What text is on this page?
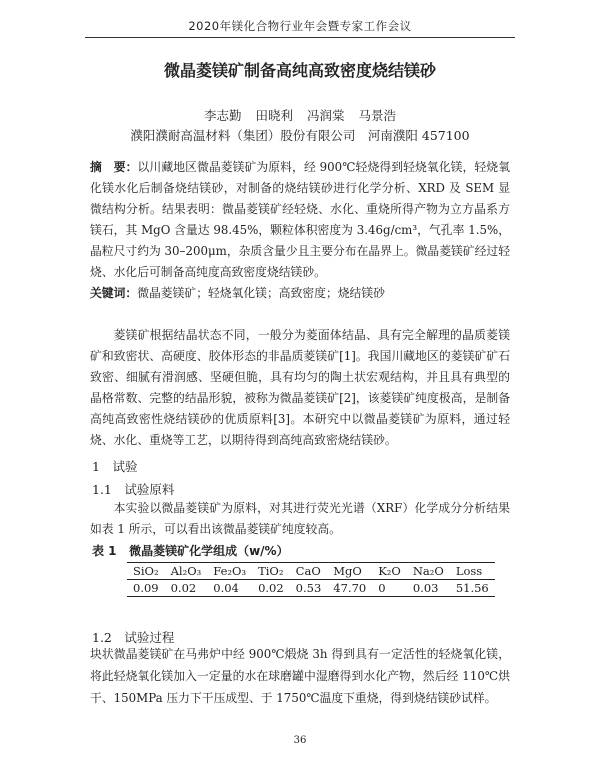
2020年镁化合物行业年会暨专家工作会议
微晶菱镁矿制备高纯高致密度烧结镁砂
李志勤 田晓利 冯润棠 马景浩
濮阳濮耐高温材料（集团）股份有限公司　河南濮阳 457100
摘　要：以川藏地区微晶菱镁矿为原料，经 900℃轻烧得到轻烧氧化镁，轻烧氧化镁水化后制备烧结镁砂，对制备的烧结镁砂进行化学分析、XRD 及 SEM 显微结构分析。结果表明：微晶菱镁矿经轻烧、水化、重烧所得产物为立方晶系方镁石，其 MgO 含量达 98.45%，颗粒体积密度为 3.46g/cm³，气孔率 1.5%，晶粒尺寸约为 30–200μm，杂质含量少且主要分布在晶界上。微晶菱镁矿经过轻烧、水化后可制备高纯度高致密度烧结镁砂。
关键词：微晶菱镁矿；轻烧氧化镁；高致密度；烧结镁砂
菱镁矿根据结晶状态不同，一般分为菱面体结晶、具有完全解理的晶质菱镁矿和致密状、高硬度、胶体形态的非晶质菱镁矿[1]。我国川藏地区的菱镁矿矿石致密、细腻有滑润感、坚硬但脆，具有均匀的陶土状宏观结构，并且具有典型的晶格常数、完整的结晶形貌，被称为微晶菱镁矿[2]，该菱镁矿纯度极高，是制备高纯高致密性烧结镁砂的优质原料[3]。本研究中以微晶菱镁矿为原料，通过轻烧、水化、重烧等工艺，以期待得到高纯高致密烧结镁砂。
1　试验
1.1　试验原料
本实验以微晶菱镁矿为原料，对其进行荧光光谱（XRF）化学成分分析结果如表 1 所示，可以看出该微晶菱镁矿纯度较高。
表 1 微晶菱镁矿化学组成（w/%）
SiO₂	Al₂O₃	Fe₂O₃	TiO₂	CaO	MgO	K₂O	Na₂O	Loss
0.09	0.02	0.04	0.02	0.53	47.70	0	0.03	51.56
1.2　试验过程
块状微晶菱镁矿在马弗炉中经 900℃煅烧 3h 得到具有一定活性的轻烧氧化镁，将此轻烧氧化镁加入一定量的水在球磨罐中湿磨得到水化产物，然后经 110℃烘干、150MPa 压力下干压成型、于 1750℃温度下重烧，得到烧结镁砂试样。
36
